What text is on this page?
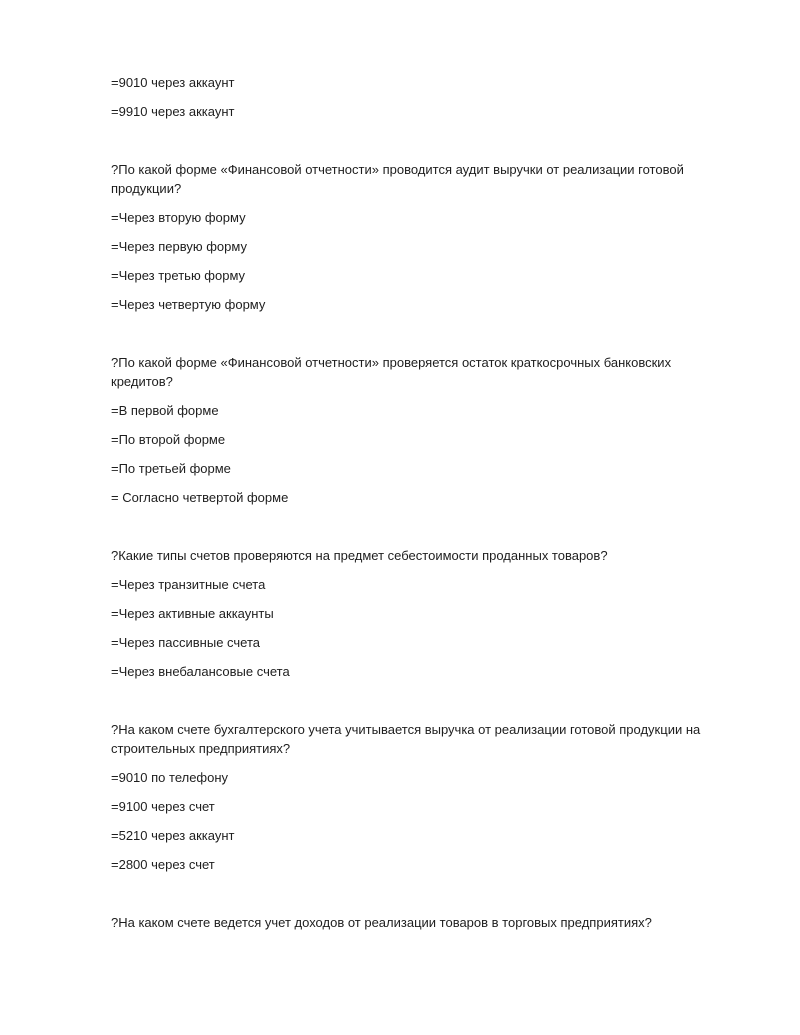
=9010 через аккаунт
=9910 через аккаунт
?По какой форме «Финансовой отчетности» проводится аудит выручки от реализации готовой продукции?
=Через вторую форму
=Через первую форму
=Через третью форму
=Через четвертую форму
?По какой форме «Финансовой отчетности» проверяется остаток краткосрочных банковских кредитов?
=В первой форме
=По второй форме
=По третьей форме
= Согласно четвертой форме
?Какие типы счетов проверяются на предмет себестоимости проданных товаров?
=Через транзитные счета
=Через активные аккаунты
=Через пассивные счета
=Через внебалансовые счета
?На каком счете бухгалтерского учета учитывается выручка от реализации готовой продукции на строительных предприятиях?
=9010 по телефону
=9100 через счет
=5210 через аккаунт
=2800 через счет
?На каком счете ведется учет доходов от реализации товаров в торговых предприятиях?
